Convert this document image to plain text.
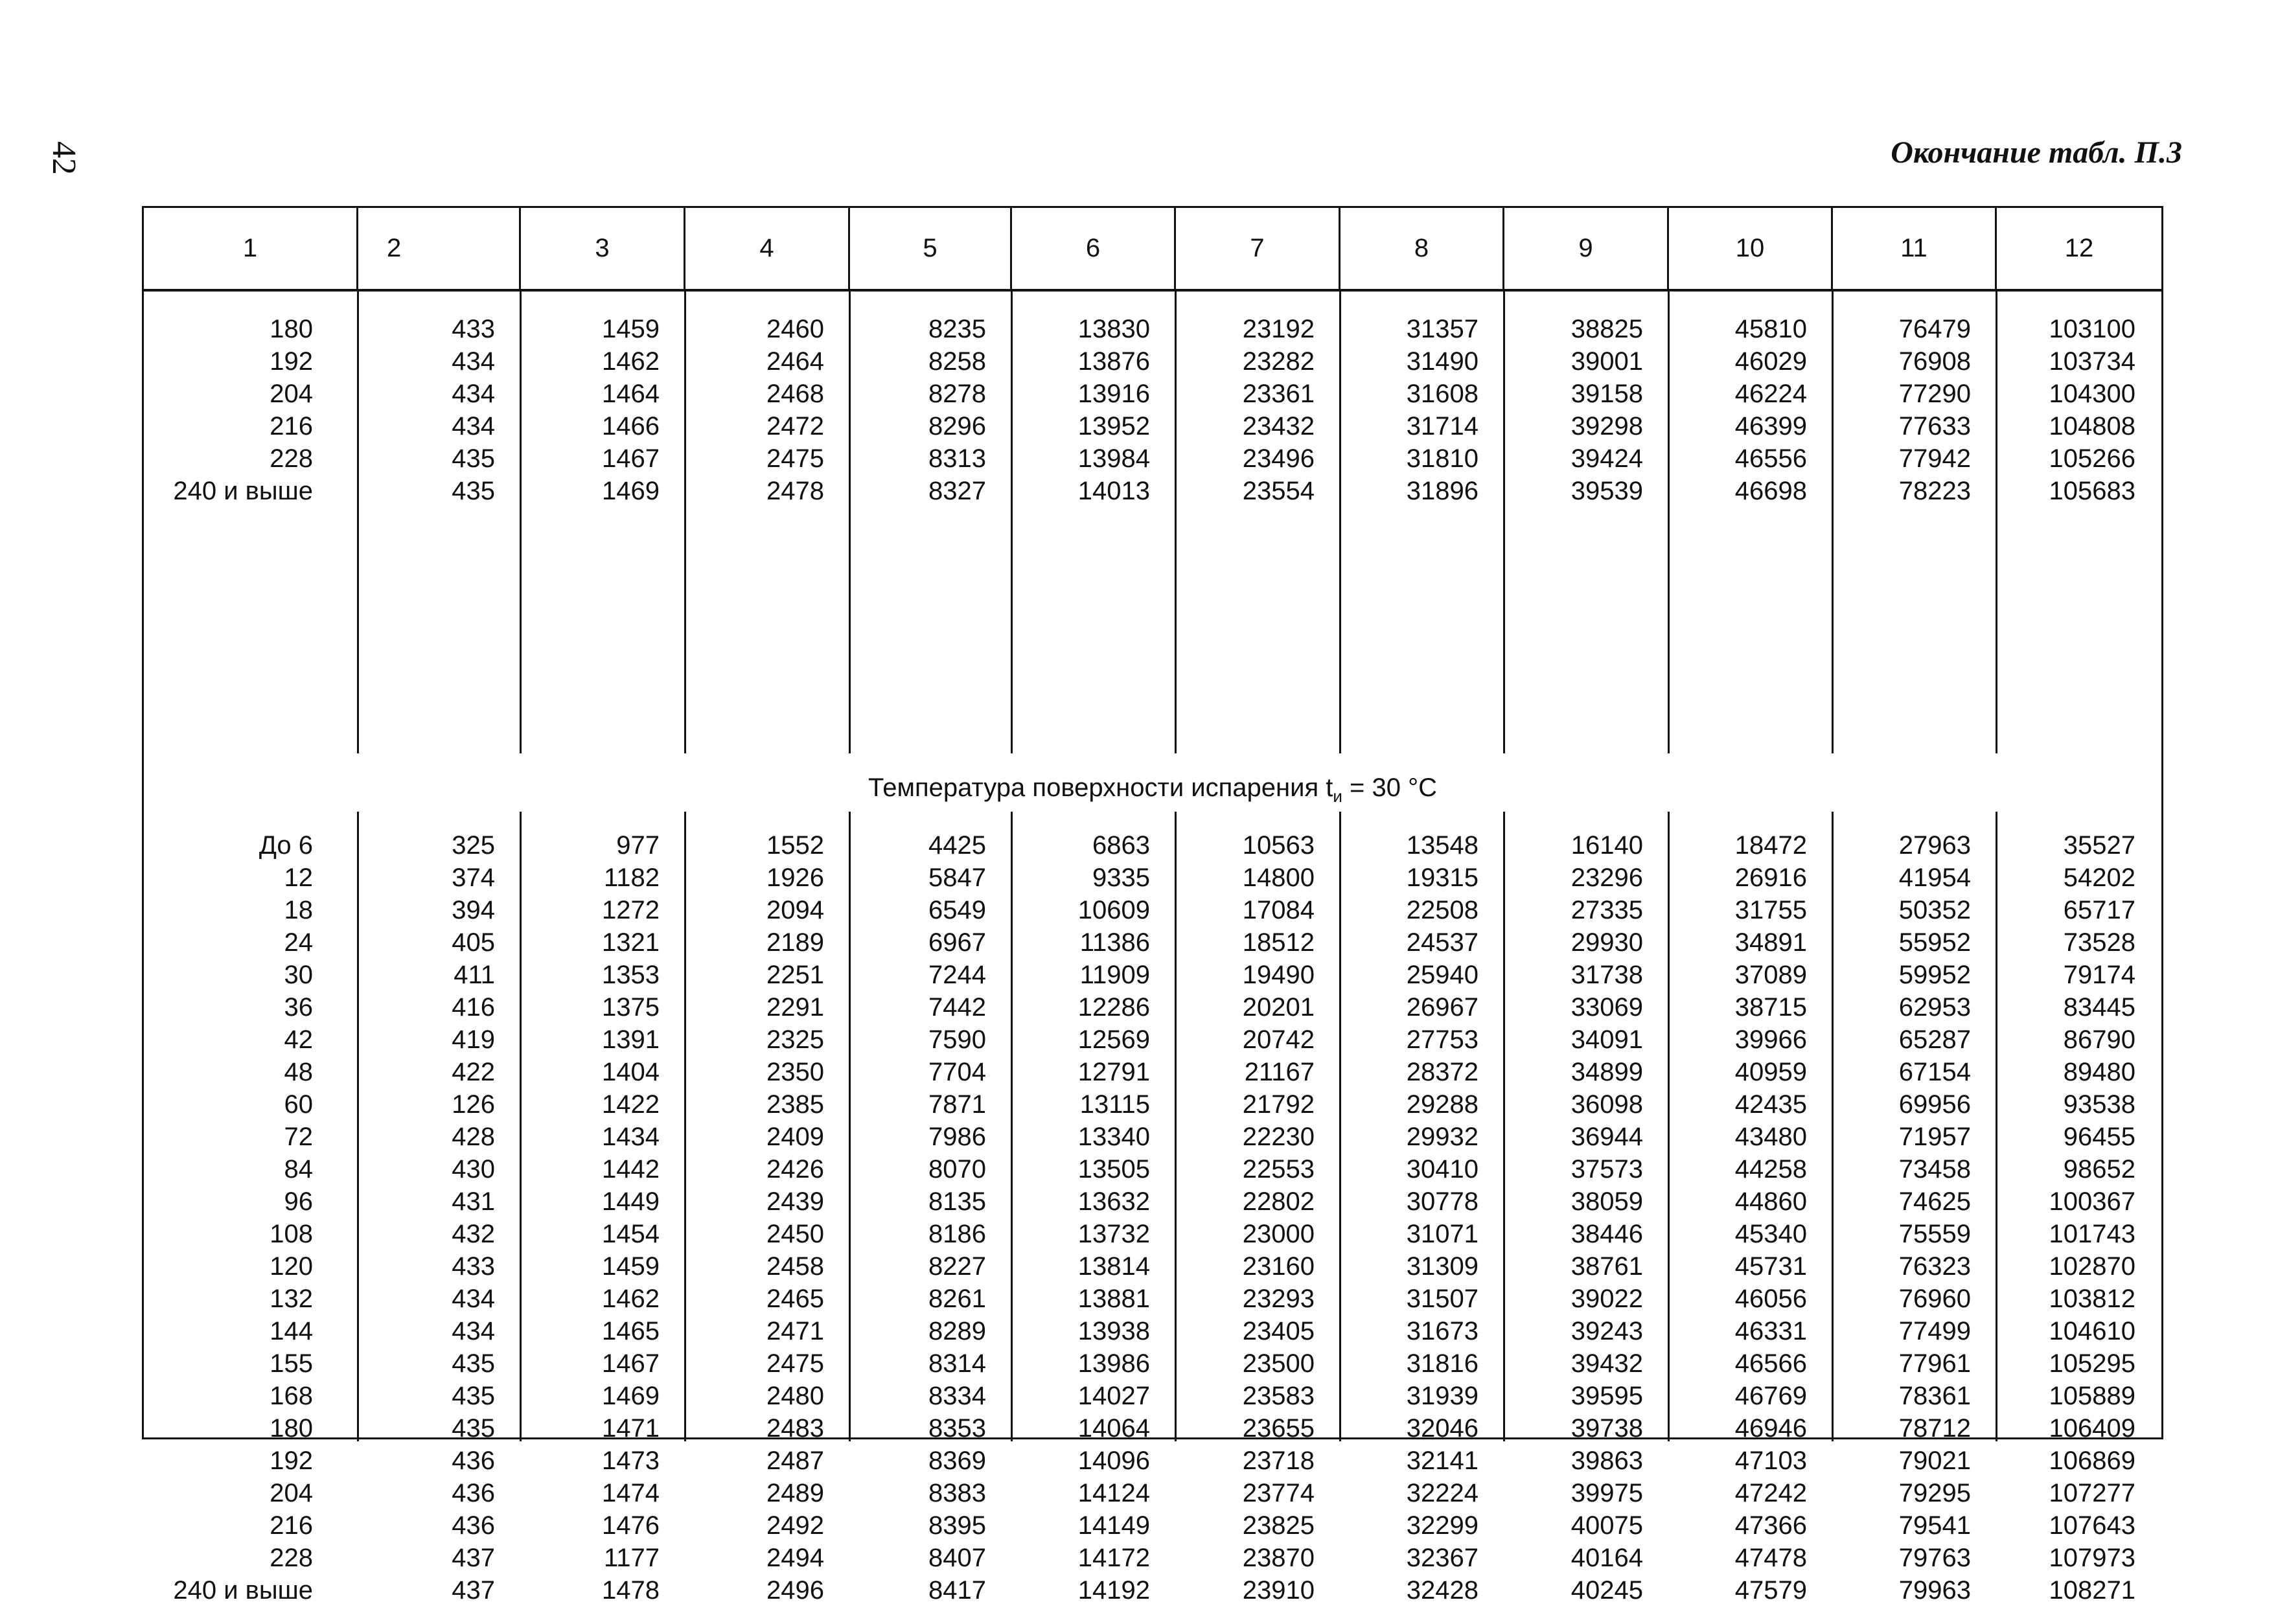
42	Окончание табл. П.3
1	2	3	4	5	6	7	8	9	10	11	12
180	433	1459	2460	8235	13830	23192	31357	38825	45810	76479	103100
192	434	1462	2464	8258	13876	23282	31490	39001	46029	76908	103734
204	434	1464	2468	8278	13916	23361	31608	39158	46224	77290	104300
216	434	1466	2472	8296	13952	23432	31714	39298	46399	77633	104808
228	435	1467	2475	8313	13984	23496	31810	39424	46556	77942	105266
240 и выше	435	1469	2478	8327	14013	23554	31896	39539	46698	78223	105683
Температура поверхности испарения $t_и = 30$ °C
До 6	325	977	1552	4425	6863	10563	13548	16140	18472	27963	35527
12	374	1182	1926	5847	9335	14800	19315	23296	26916	41954	54202
18	394	1272	2094	6549	10609	17084	22508	27335	31755	50352	65717
24	405	1321	2189	6967	11386	18512	24537	29930	34891	55952	73528
30	411	1353	2251	7244	11909	19490	25940	31738	37089	59952	79174
36	416	1375	2291	7442	12286	20201	26967	33069	38715	62953	83445
42	419	1391	2325	7590	12569	20742	27753	34091	39966	65287	86790
48	422	1404	2350	7704	12791	21167	28372	34899	40959	67154	89480
60	126	1422	2385	7871	13115	21792	29288	36098	42435	69956	93538
72	428	1434	2409	7986	13340	22230	29932	36944	43480	71957	96455
84	430	1442	2426	8070	13505	22553	30410	37573	44258	73458	98652
96	431	1449	2439	8135	13632	22802	30778	38059	44860	74625	100367
108	432	1454	2450	8186	13732	23000	31071	38446	45340	75559	101743
120	433	1459	2458	8227	13814	23160	31309	38761	45731	76323	102870
132	434	1462	2465	8261	13881	23293	31507	39022	46056	76960	103812
144	434	1465	2471	8289	13938	23405	31673	39243	46331	77499	104610
155	435	1467	2475	8314	13986	23500	31816	39432	46566	77961	105295
168	435	1469	2480	8334	14027	23583	31939	39595	46769	78361	105889
180	435	1471	2483	8353	14064	23655	32046	39738	46946	78712	106409
192	436	1473	2487	8369	14096	23718	32141	39863	47103	79021	106869
204	436	1474	2489	8383	14124	23774	32224	39975	47242	79295	107277
216	436	1476	2492	8395	14149	23825	32299	40075	47366	79541	107643
228	437	1177	2494	8407	14172	23870	32367	40164	47478	79763	107973
240 и выше	437	1478	2496	8417	14192	23910	32428	40245	47579	79963	108271
